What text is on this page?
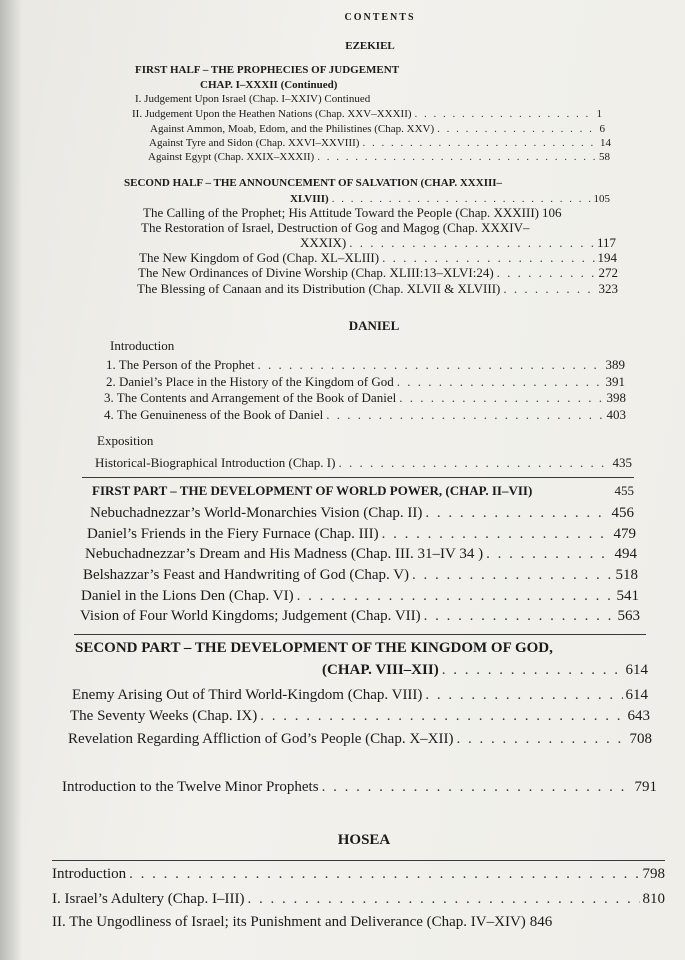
CONTENTS
EZEKIEL
FIRST HALF – THE PROPHECIES OF JUDGEMENT
CHAP. I–XXXII (Continued)
I. Judgement Upon Israel (Chap. I–XXIV) Continued
II. Judgement Upon the Heathen Nations (Chap. XXV–XXXII) . . .	1
Against Ammon, Moab, Edom, and the Philistines (Chap. XXV) . . .	6
Against Tyre and Sidon (Chap. XXVI–XXVIII) . . .	14
Against Egypt (Chap. XXIX–XXXII) . . .	58
SECOND HALF – THE ANNOUNCEMENT OF SALVATION (CHAP. XXXIII–
XLVIII) . . .	105
The Calling of the Prophet; His Attitude Toward the People (Chap. XXXIII) 106
The Restoration of Israel, Destruction of Gog and Magog (Chap. XXXIV–
XXXIX) . . .	117
The New Kingdom of God (Chap. XL–XLIII) . . .	194
The New Ordinances of Divine Worship (Chap. XLIII:13–XLVI:24) . . .	272
The Blessing of Canaan and its Distribution (Chap. XLVII & XLVIII) . . .	323
DANIEL
Introduction
1. The Person of the Prophet . . .	389
2. Daniel’s Place in the History of the Kingdom of God . . .	391
3. The Contents and Arrangement of the Book of Daniel . . .	398
4. The Genuineness of the Book of Daniel . . .	403
Exposition
Historical-Biographical Introduction (Chap. I) . . .	435
FIRST PART – THE DEVELOPMENT OF WORLD POWER, (CHAP. II–VII)	455
Nebuchadnezzar’s World-Monarchies Vision (Chap. II) . . .	456
Daniel’s Friends in the Fiery Furnace (Chap. III) . . .	479
Nebuchadnezzar’s Dream and His Madness (Chap. III. 31–IV 34 ) . . .	494
Belshazzar’s Feast and Handwriting of God (Chap. V) . . .	518
Daniel in the Lions Den (Chap. VI) . . .	541
Vision of Four World Kingdoms; Judgement (Chap. VII) . . .	563
SECOND PART – THE DEVELOPMENT OF THE KINGDOM OF GOD,
(CHAP. VIII–XII) . . .	614
Enemy Arising Out of Third World-Kingdom (Chap. VIII) . . .	614
The Seventy Weeks (Chap. IX) . . .	643
Revelation Regarding Affliction of God’s People (Chap. X–XII) . . .	708
Introduction to the Twelve Minor Prophets . . .	791
HOSEA
Introduction . . .	798
I. Israel’s Adultery (Chap. I–III) . . .	810
II. The Ungodliness of Israel; its Punishment and Deliverance (Chap. IV–XIV) 846
